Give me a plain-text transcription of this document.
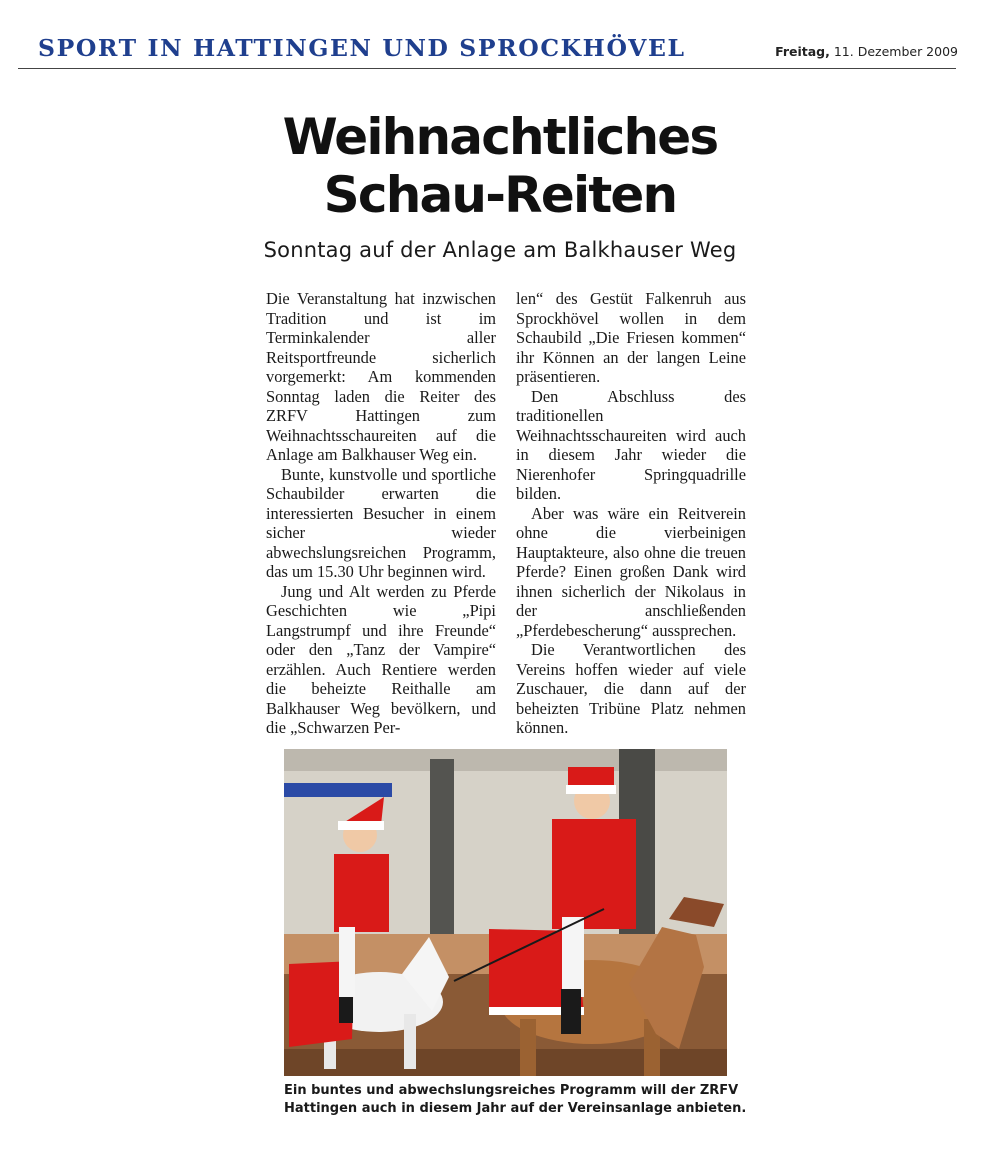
SPORT IN HATTINGEN UND SPROCKHÖVEL	Freitag, 11. Dezember 2009
Weihnachtliches
Schau-Reiten
Sonntag auf der Anlage am Balkhauser Weg

Die Veranstaltung hat inzwischen Tradition und ist im Terminkalender aller Reitsportfreunde sicherlich vorgemerkt: Am kommenden Sonntag laden die Reiter des ZRFV Hattingen zum Weihnachtsschaureiten auf die Anlage am Balkhauser Weg ein.

Bunte, kunstvolle und sportliche Schaubilder erwarten die interessierten Besucher in einem sicher wieder abwechslungsreichen Programm, das um 15.30 Uhr beginnen wird.

Jung und Alt werden zu Pferde Geschichten wie „Pipi Langstrumpf und ihre Freunde“ oder den „Tanz der Vampire“ erzählen. Auch Rentiere werden die beheizte Reithalle am Balkhauser Weg bevölkern, und die „Schwarzen Per-

len“ des Gestüt Falkenruh aus Sprockhövel wollen in dem Schaubild „Die Friesen kommen“ ihr Können an der langen Leine präsentieren.

Den Abschluss des traditionellen Weihnachtsschaureiten wird auch in diesem Jahr wieder die Nierenhofer Springquadrille bilden.

Aber was wäre ein Reitverein ohne die vierbeinigen Hauptakteure, also ohne die treuen Pferde? Einen großen Dank wird ihnen sicherlich der Nikolaus in der anschließenden „Pferdebescherung“ aussprechen.

Die Verantwortlichen des Vereins hoffen wieder auf viele Zuschauer, die dann auf der beheizten Tribüne Platz nehmen können.

Ein buntes und abwechslungsreiches Programm will der ZRFV
Hattingen auch in diesem Jahr auf der Vereinsanlage anbieten.
